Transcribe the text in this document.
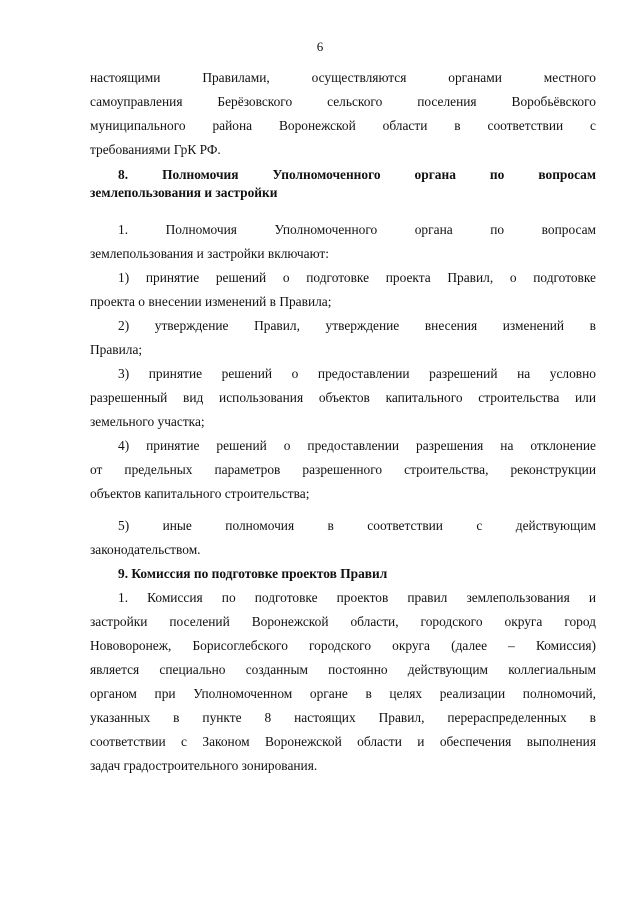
6
настоящими Правилами, осуществляются органами местного
самоуправления Берёзовского сельского поселения Воробьёвского
муниципального района Воронежской области в соответствии с
требованиями ГрК РФ.
8. Полномочия Уполномоченного органа по вопросам
землепользования и застройки
1. Полномочия Уполномоченного органа по вопросам
землепользования и застройки включают:
1) принятие решений о подготовке проекта Правил, о подготовке
проекта о внесении изменений в Правила;
2) утверждение Правил, утверждение внесения изменений в
Правила;
3) принятие решений о предоставлении разрешений на условно
разрешенный вид использования объектов капитального строительства или
земельного участка;
4) принятие решений о предоставлении разрешения на отклонение
от предельных параметров разрешенного строительства, реконструкции
объектов капитального строительства;
5) иные полномочия в соответствии с действующим
законодательством.
9. Комиссия по подготовке проектов Правил
1. Комиссия по подготовке проектов правил землепользования и
застройки поселений Воронежской области, городского округа город
Нововоронеж, Борисоглебского городского округа (далее – Комиссия)
является специально созданным постоянно действующим коллегиальным
органом при Уполномоченном органе в целях реализации полномочий,
указанных в пункте 8 настоящих Правил, перераспределенных в
соответствии с Законом Воронежской области и обеспечения выполнения
задач градостроительного зонирования.
